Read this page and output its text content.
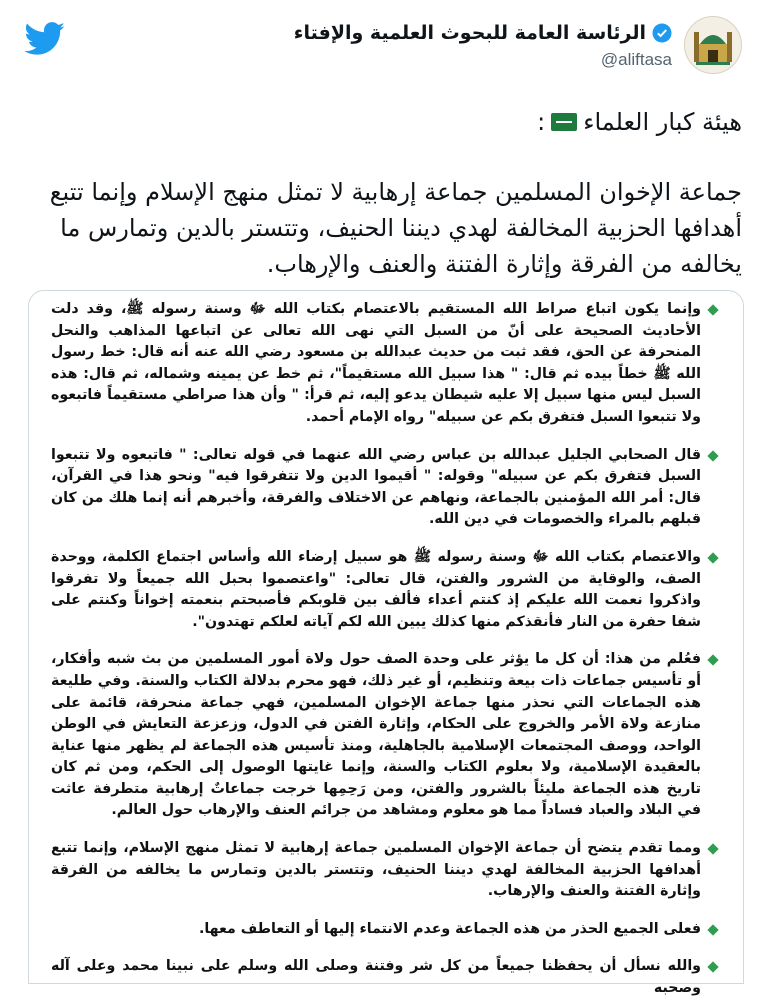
الرئاسة العامة للبحوث العلمية والإفتاء
@aliftasa
هيئة كبار العلماء
:
جماعة الإخوان المسلمين جماعة إرهابية لا تمثل منهج الإسلام وإنما تتبع أهدافها الحزبية المخالفة لهدي ديننا الحنيف، وتتستر بالدين وتمارس ما يخالفه من الفرقة وإثارة الفتنة والعنف والإرهاب.
وإنما يكون اتباع صراط الله المستقيم بالاعتصام بكتاب الله ﷻ وسنة رسوله ﷺ، وقد دلت الأحاديث الصحيحة على أنّ من السبل التي نهى الله تعالى عن اتباعها المذاهب والنحل المنحرفة عن الحق، فقد ثبت من حديث عبدالله بن مسعود رضي الله عنه أنه قال: خط رسول الله ﷺ خطاً بيده ثم قال: " هذا سبيل الله مستقيماً"، ثم خط عن يمينه وشماله، ثم قال: هذه السبل ليس منها سبيل إلا عليه شيطان يدعو إليه، ثم قرأ: " وأن هذا صراطي مستقيماً فاتبعوه ولا تتبعوا السبل فتفرق بكم عن سبيله" رواه الإمام أحمد.
قال الصحابي الجليل عبدالله بن عباس رضي الله عنهما في قوله تعالى: " فاتبعوه ولا تتبعوا السبل فتفرق بكم عن سبيله" وقوله: " أقيموا الدين ولا تتفرقوا فيه" ونحو هذا في القرآن، قال: أمر الله المؤمنين بالجماعة، ونهاهم عن الاختلاف والفرقة، وأخبرهم أنه إنما هلك من كان قبلهم بالمراء والخصومات في دين الله.
والاعتصام بكتاب الله ﷻ وسنة رسوله ﷺ هو سبيل إرضاء الله وأساس اجتماع الكلمة، ووحدة الصف، والوقاية من الشرور والفتن، قال تعالى: "واعتصموا بحبل الله جميعاً ولا تفرقوا واذكروا نعمت الله عليكم إذ كنتم أعداء فألف بين قلوبكم فأصبحتم بنعمته إخواناً وكنتم على شفا حفرة من النار فأنقذكم منها كذلك يبين الله لكم آياته لعلكم تهتدون".
فعُلم من هذا: أن كل ما يؤثر على وحدة الصف حول ولاة أمور المسلمين من بث شبه وأفكار، أو تأسيس جماعات ذات بيعة وتنظيم، أو غير ذلك، فهو محرم بدلالة الكتاب والسنة. وفي طليعة هذه الجماعات التي نحذر منها جماعة الإخوان المسلمين، فهي جماعة منحرفة، قائمة على منازعة ولاة الأمر والخروج على الحكام، وإثارة الفتن في الدول، وزعزعة التعايش في الوطن الواحد، ووصف المجتمعات الإسلامية بالجاهلية، ومنذ تأسيس هذه الجماعة لم يظهر منها عناية بالعقيدة الإسلامية، ولا بعلوم الكتاب والسنة، وإنما غايتها الوصول إلى الحكم، ومن ثم كان تاريخ هذه الجماعة مليئاً بالشرور والفتن، ومن رَحِمِها خرجت جماعاتٌ إرهابية متطرفة عاثت في البلاد والعباد فساداً مما هو معلوم ومشاهد من جرائم العنف والإرهاب حول العالم.
ومما تقدم يتضح أن جماعة الإخوان المسلمين جماعة إرهابية لا تمثل منهج الإسلام، وإنما تتبع أهدافها الحزبية المخالفة لهدي ديننا الحنيف، وتتستر بالدين وتمارس ما يخالفه من الفرقة وإثارة الفتنة والعنف والإرهاب.
فعلى الجميع الحذر من هذه الجماعة وعدم الانتماء إليها أو التعاطف معها.
والله نسأل أن يحفظنا جميعاً من كل شر وفتنة وصلى الله وسلم على نبينا محمد وعلى آله وصحبه
